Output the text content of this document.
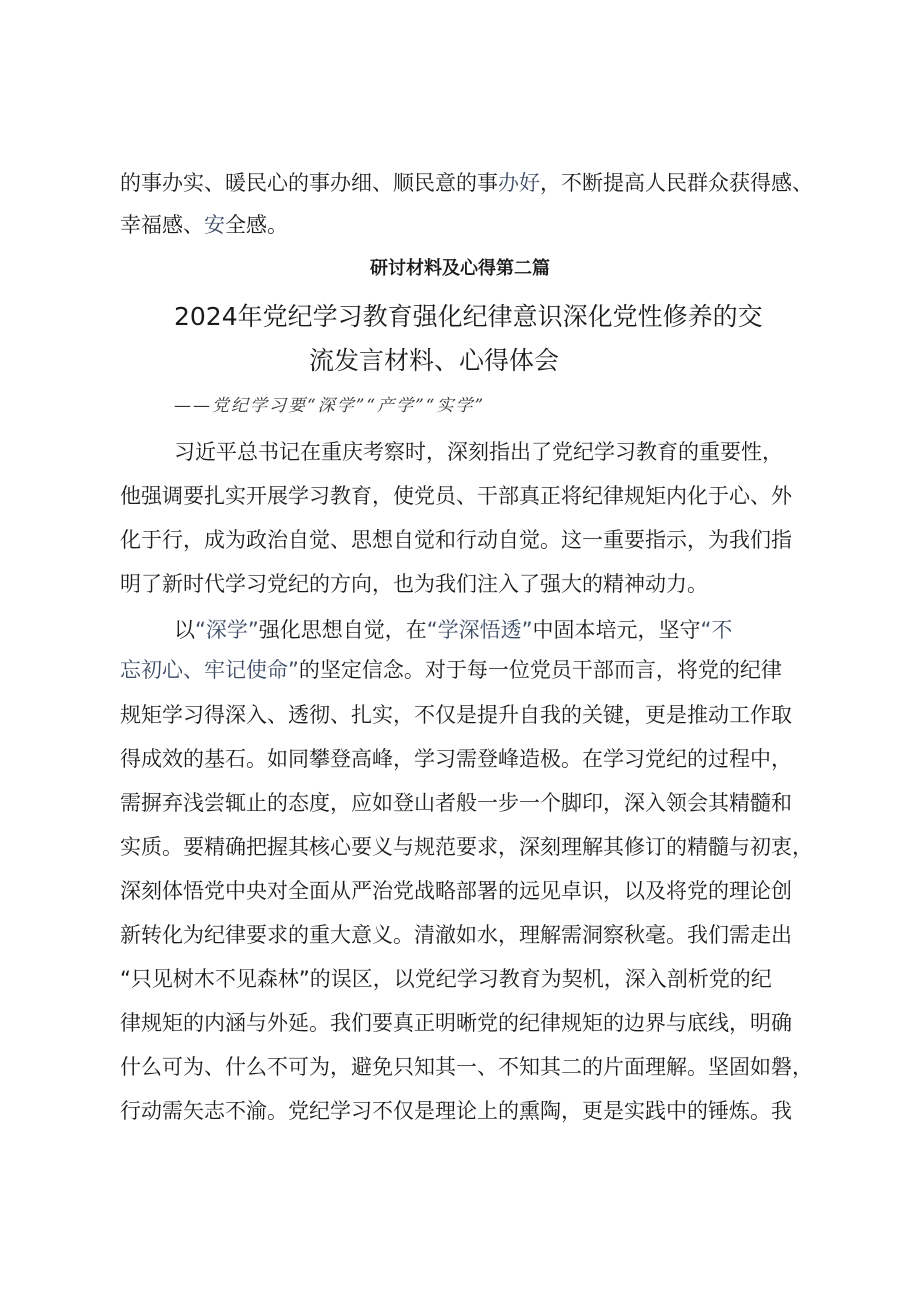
的事办实、暖民心的事办细、顺民意的事办好，不断提高人民群众获得感、
幸福感、安全感。
研讨材料及心得第二篇
2024年党纪学习教育强化纪律意识深化党性修养的交
流发言材料、心得体会
——党纪学习要“深学”“产学”“实学”
习近平总书记在重庆考察时，深刻指出了党纪学习教育的重要性，
他强调要扎实开展学习教育，使党员、干部真正将纪律规矩内化于心、外
化于行，成为政治自觉、思想自觉和行动自觉。这一重要指示，为我们指
明了新时代学习党纪的方向，也为我们注入了强大的精神动力。
以“深学”强化思想自觉，在“学深悟透”中固本培元，坚守“不
忘初心、牢记使命”的坚定信念。对于每一位党员干部而言，将党的纪律
规矩学习得深入、透彻、扎实，不仅是提升自我的关键，更是推动工作取
得成效的基石。如同攀登高峰，学习需登峰造极。在学习党纪的过程中，
需摒弃浅尝辄止的态度，应如登山者般一步一个脚印，深入领会其精髓和
实质。要精确把握其核心要义与规范要求，深刻理解其修订的精髓与初衷，
深刻体悟党中央对全面从严治党战略部署的远见卓识，以及将党的理论创
新转化为纪律要求的重大意义。清澈如水，理解需洞察秋毫。我们需走出
“只见树木不见森林”的误区，以党纪学习教育为契机，深入剖析党的纪
律规矩的内涵与外延。我们要真正明晰党的纪律规矩的边界与底线，明确
什么可为、什么不可为，避免只知其一、不知其二的片面理解。坚固如磐，
行动需矢志不渝。党纪学习不仅是理论上的熏陶，更是实践中的锤炼。我
